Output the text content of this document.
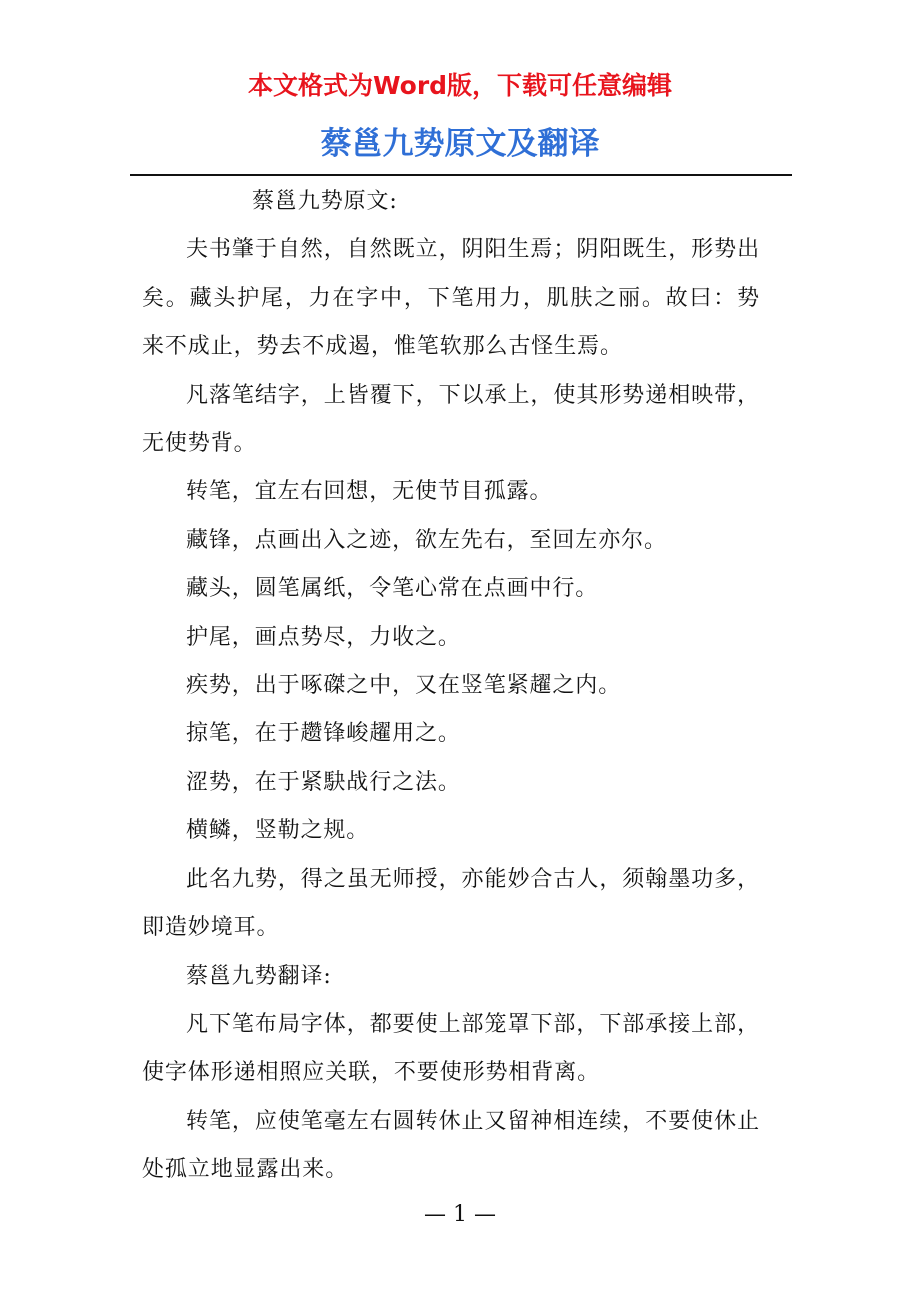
本文格式为Word版，下载可任意编辑
蔡邕九势原文及翻译

蔡邕九势原文:

夫书肇于自然，自然既立，阴阳生焉；阴阳既生，形势出矣。藏头护尾，力在字中，下笔用力，肌肤之丽。故曰：势来不成止，势去不成遏，惟笔软那么古怪生焉。

凡落笔结字，上皆覆下，下以承上，使其形势递相映带，无使势背。

转笔，宜左右回想，无使节目孤露。

藏锋，点画出入之迹，欲左先右，至回左亦尔。

藏头，圆笔属纸，令笔心常在点画中行。

护尾，画点势尽，力收之。

疾势，出于啄磔之中，又在竖笔紧趯之内。

掠笔，在于趱锋峻趯用之。

涩势，在于紧駃战行之法。

横鳞，竖勒之规。

此名九势，得之虽无师授，亦能妙合古人，须翰墨功多，即造妙境耳。

蔡邕九势翻译:

凡下笔布局字体，都要使上部笼罩下部，下部承接上部，使字体形递相照应关联，不要使形势相背离。

转笔，应使笔毫左右圆转休止又留神相连续，不要使休止处孤立地显露出来。

— 1 —
